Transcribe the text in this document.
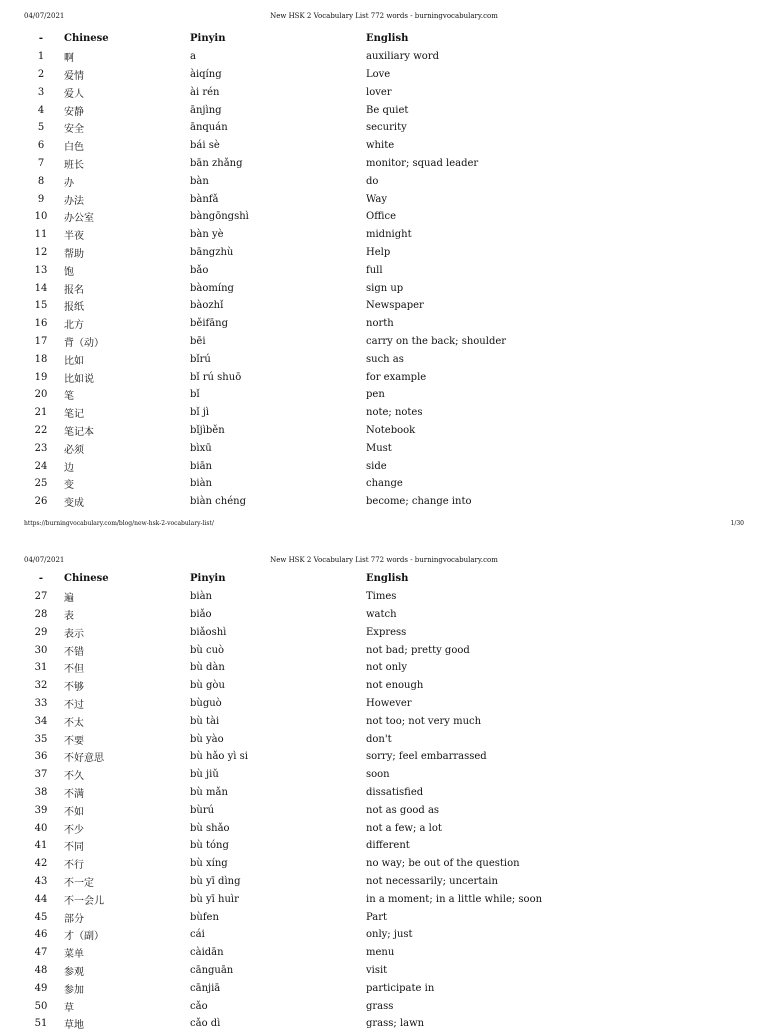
04/07/2021	New HSK 2 Vocabulary List 772 words - burningvocabulary.com
-	Chinese	Pinyin	English
1	啊	a	auxiliary word
2	爱情	àiqíng	Love
3	爱人	ài rén	lover
4	安静	ānjìng	Be quiet
5	安全	ānquán	security
6	白色	bái sè	white
7	班长	bān zhǎng	monitor; squad leader
8	办	bàn	do
9	办法	bànfǎ	Way
10	办公室	bàngōngshì	Office
11	半夜	bàn yè	midnight
12	帮助	bāngzhù	Help
13	饱	bǎo	full
14	报名	bàomíng	sign up
15	报纸	bàozhǐ	Newspaper
16	北方	běifāng	north
17	背（动）	bēi	carry on the back; shoulder
18	比如	bǐrú	such as
19	比如说	bǐ rú shuō	for example
20	笔	bǐ	pen
21	笔记	bǐ jì	note; notes
22	笔记本	bǐjìběn	Notebook
23	必须	bìxū	Must
24	边	biān	side
25	变	biàn	change
26	变成	biàn chéng	become; change into
https://burningvocabulary.com/blog/new-hsk-2-vocabulary-list/	1/30
04/07/2021	New HSK 2 Vocabulary List 772 words - burningvocabulary.com
-	Chinese	Pinyin	English
27	遍	biàn	Times
28	表	biǎo	watch
29	表示	biǎoshì	Express
30	不错	bù cuò	not bad; pretty good
31	不但	bù dàn	not only
32	不够	bù gòu	not enough
33	不过	bùguò	However
34	不太	bù tài	not too; not very much
35	不要	bù yào	don't
36	不好意思	bù hǎo yì si	sorry; feel embarrassed
37	不久	bù jiǔ	soon
38	不满	bù mǎn	dissatisfied
39	不如	bùrú	not as good as
40	不少	bù shǎo	not a few; a lot
41	不同	bù tóng	different
42	不行	bù xíng	no way; be out of the question
43	不一定	bù yī dìng	not necessarily; uncertain
44	不一会儿	bù yī huìr	in a moment; in a little while; soon
45	部分	bùfen	Part
46	才（副）	cái	only; just
47	菜单	càidān	menu
48	参观	cānguān	visit
49	参加	cānjiā	participate in
50	草	cǎo	grass
51	草地	cǎo dì	grass; lawn
